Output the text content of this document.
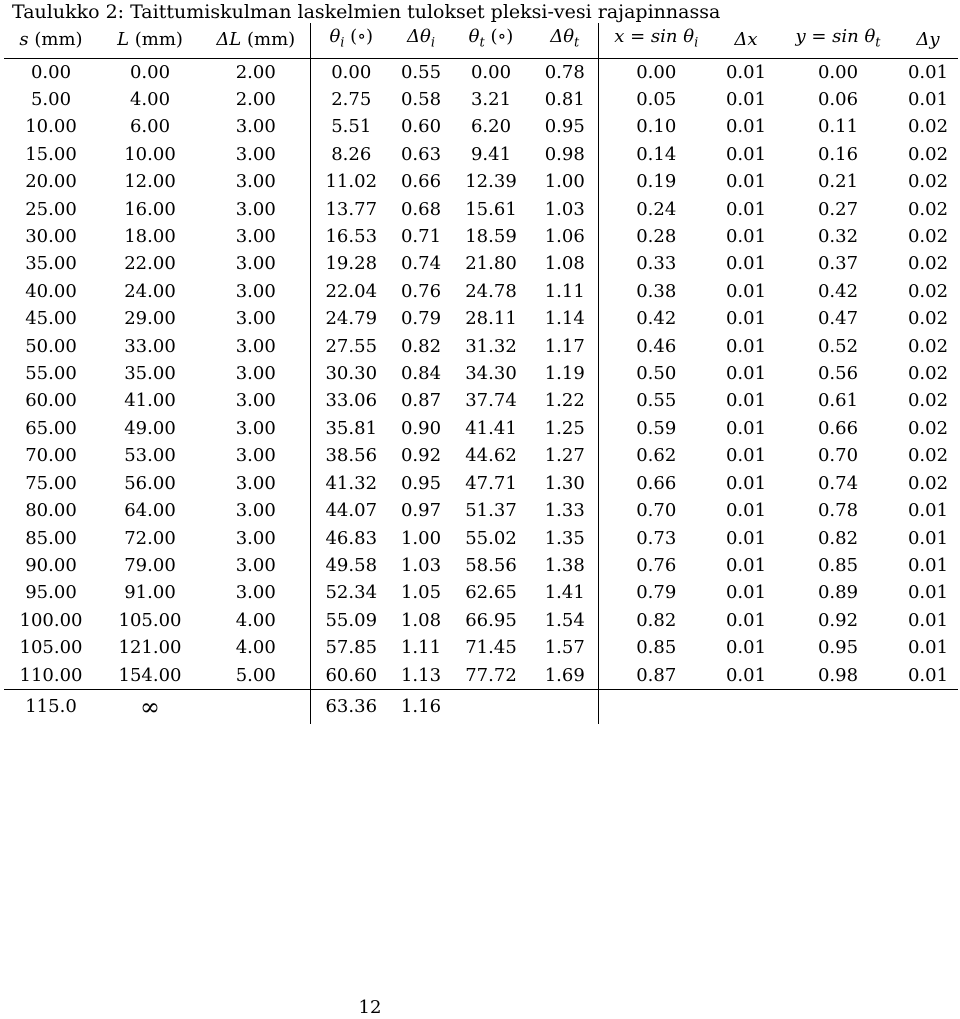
Taulukko 2: Taittumiskulman laskelmien tulokset pleksi-vesi rajapinnassa
s (mm)	L (mm)	ΔL (mm)	$\theta_i$ (∘)	$\Delta\theta_i$	$\theta_t$ (∘)	$\Delta\theta_t$	$x = \sin \theta_i$	Δx	$y = \sin \theta_t$	Δy
0.00	0.00	2.00	0.00	0.55	0.00	0.78	0.00	0.01	0.00	0.01
5.00	4.00	2.00	2.75	0.58	3.21	0.81	0.05	0.01	0.06	0.01
10.00	6.00	3.00	5.51	0.60	6.20	0.95	0.10	0.01	0.11	0.02
15.00	10.00	3.00	8.26	0.63	9.41	0.98	0.14	0.01	0.16	0.02
20.00	12.00	3.00	11.02	0.66	12.39	1.00	0.19	0.01	0.21	0.02
25.00	16.00	3.00	13.77	0.68	15.61	1.03	0.24	0.01	0.27	0.02
30.00	18.00	3.00	16.53	0.71	18.59	1.06	0.28	0.01	0.32	0.02
35.00	22.00	3.00	19.28	0.74	21.80	1.08	0.33	0.01	0.37	0.02
40.00	24.00	3.00	22.04	0.76	24.78	1.11	0.38	0.01	0.42	0.02
45.00	29.00	3.00	24.79	0.79	28.11	1.14	0.42	0.01	0.47	0.02
50.00	33.00	3.00	27.55	0.82	31.32	1.17	0.46	0.01	0.52	0.02
55.00	35.00	3.00	30.30	0.84	34.30	1.19	0.50	0.01	0.56	0.02
60.00	41.00	3.00	33.06	0.87	37.74	1.22	0.55	0.01	0.61	0.02
65.00	49.00	3.00	35.81	0.90	41.41	1.25	0.59	0.01	0.66	0.02
70.00	53.00	3.00	38.56	0.92	44.62	1.27	0.62	0.01	0.70	0.02
75.00	56.00	3.00	41.32	0.95	47.71	1.30	0.66	0.01	0.74	0.02
80.00	64.00	3.00	44.07	0.97	51.37	1.33	0.70	0.01	0.78	0.01
85.00	72.00	3.00	46.83	1.00	55.02	1.35	0.73	0.01	0.82	0.01
90.00	79.00	3.00	49.58	1.03	58.56	1.38	0.76	0.01	0.85	0.01
95.00	91.00	3.00	52.34	1.05	62.65	1.41	0.79	0.01	0.89	0.01
100.00	105.00	4.00	55.09	1.08	66.95	1.54	0.82	0.01	0.92	0.01
105.00	121.00	4.00	57.85	1.11	71.45	1.57	0.85	0.01	0.95	0.01
110.00	154.00	5.00	60.60	1.13	77.72	1.69	0.87	0.01	0.98	0.01
115.0	∞		63.36	1.16						
12
